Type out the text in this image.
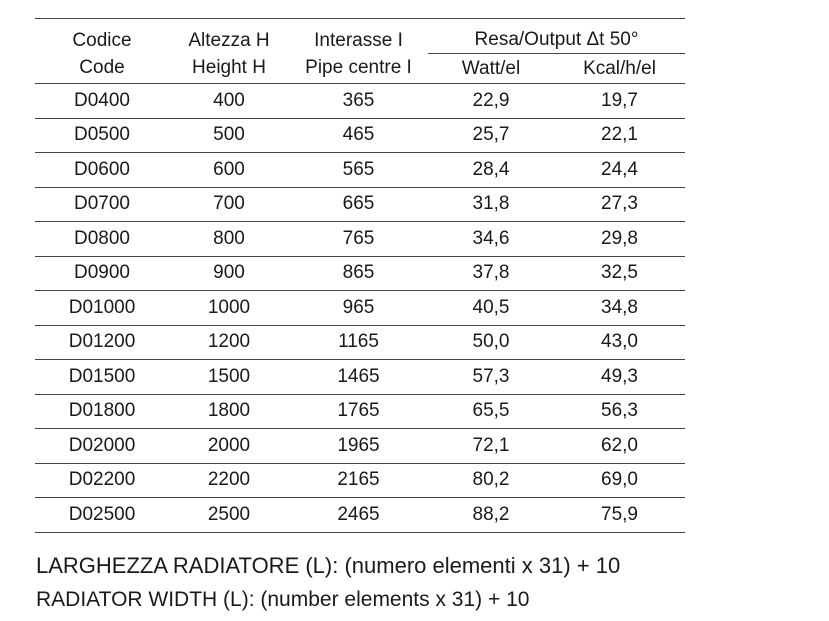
Codice	Altezza H	Interasse I	Resa/Output Δt 50°	
Code	Height H	Pipe centre I	Watt/el	Kcal/h/el
D0400	400	365	22,9	19,7
D0500	500	465	25,7	22,1
D0600	600	565	28,4	24,4
D0700	700	665	31,8	27,3
D0800	800	765	34,6	29,8
D0900	900	865	37,8	32,5
D01000	1000	965	40,5	34,8
D01200	1200	1165	50,0	43,0
D01500	1500	1465	57,3	49,3
D01800	1800	1765	65,5	56,3
D02000	2000	1965	72,1	62,0
D02200	2200	2165	80,2	69,0
D02500	2500	2465	88,2	75,9
LARGHEZZA RADIATORE (L): (numero elementi x 31) + 10
RADIATOR WIDTH (L): (number elements x 31) + 10
